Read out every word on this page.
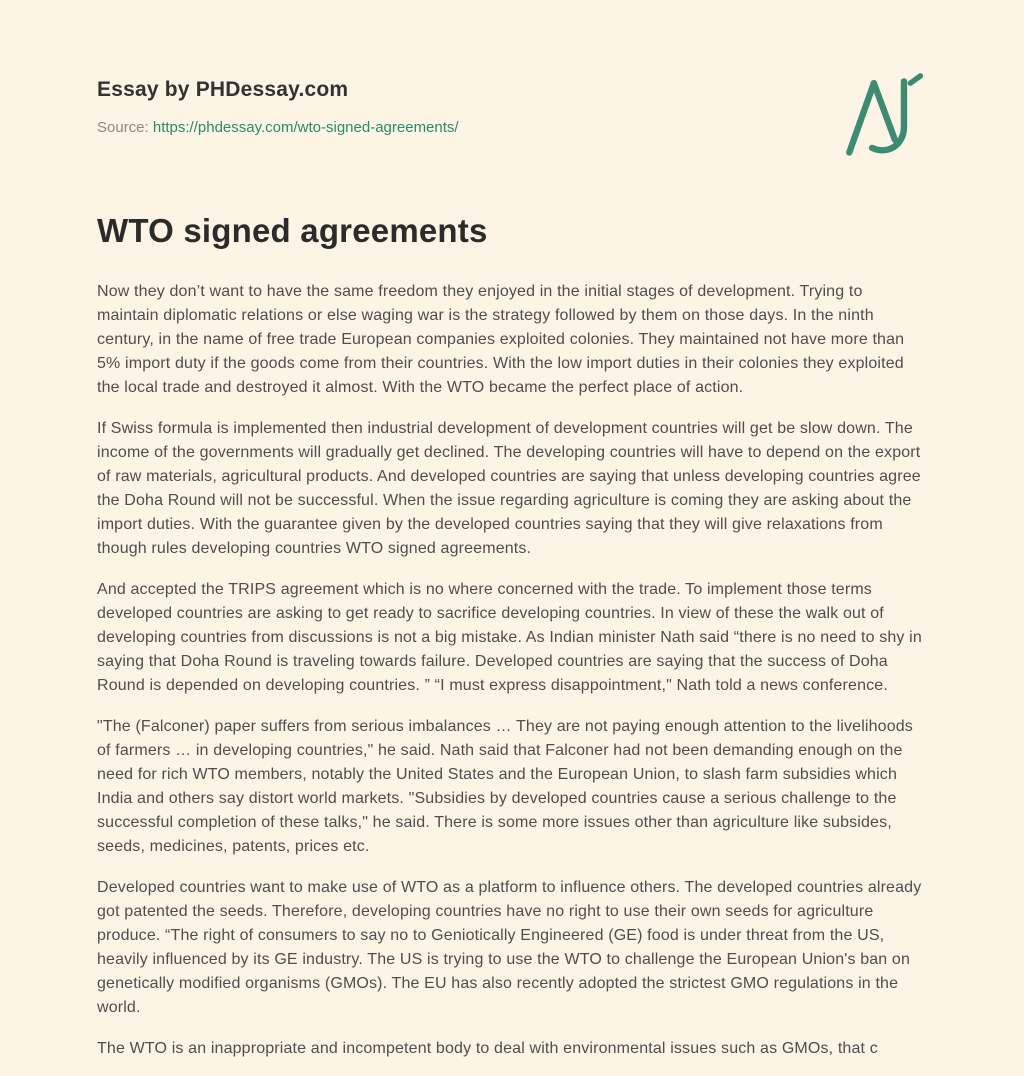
Essay by PHDessay.com
Source: https://phdessay.com/wto-signed-agreements/
WTO signed agreements

Now they don’t want to have the same freedom they enjoyed in the initial stages of development. Trying to maintain diplomatic relations or else waging war is the strategy followed by them on those days. In the ninth century, in the name of free trade European companies exploited colonies. They maintained not have more than 5% import duty if the goods come from their countries. With the low import duties in their colonies they exploited the local trade and destroyed it almost. With the WTO became the perfect place of action.

If Swiss formula is implemented then industrial development of development countries will get be slow down. The income of the governments will gradually get declined. The developing countries will have to depend on the export of raw materials, agricultural products. And developed countries are saying that unless developing countries agree the Doha Round will not be successful. When the issue regarding agriculture is coming they are asking about the import duties. With the guarantee given by the developed countries saying that they will give relaxations from though rules developing countries WTO signed agreements.

And accepted the TRIPS agreement which is no where concerned with the trade. To implement those terms developed countries are asking to get ready to sacrifice developing countries. In view of these the walk out of developing countries from discussions is not a big mistake. As Indian minister Nath said “there is no need to shy in saying that Doha Round is traveling towards failure. Developed countries are saying that the success of Doha Round is depended on developing countries. ” “I must express disappointment," Nath told a news conference.

"The (Falconer) paper suffers from serious imbalances … They are not paying enough attention to the livelihoods of farmers … in developing countries," he said. Nath said that Falconer had not been demanding enough on the need for rich WTO members, notably the United States and the European Union, to slash farm subsidies which India and others say distort world markets. "Subsidies by developed countries cause a serious challenge to the successful completion of these talks," he said. There is some more issues other than agriculture like subsides, seeds, medicines, patents, prices etc.

Developed countries want to make use of WTO as a platform to influence others. The developed countries already got patented the seeds. Therefore, developing countries have no right to use their own seeds for agriculture produce. “The right of consumers to say no to Geniotically Engineered (GE) food is under threat from the US, heavily influenced by its GE industry. The US is trying to use the WTO to challenge the European Union's ban on genetically modified organisms (GMOs). The EU has also recently adopted the strictest GMO regulations in the world.

The WTO is an inappropriate and incompetent body to deal with environmental issues such as GMOs, that c
